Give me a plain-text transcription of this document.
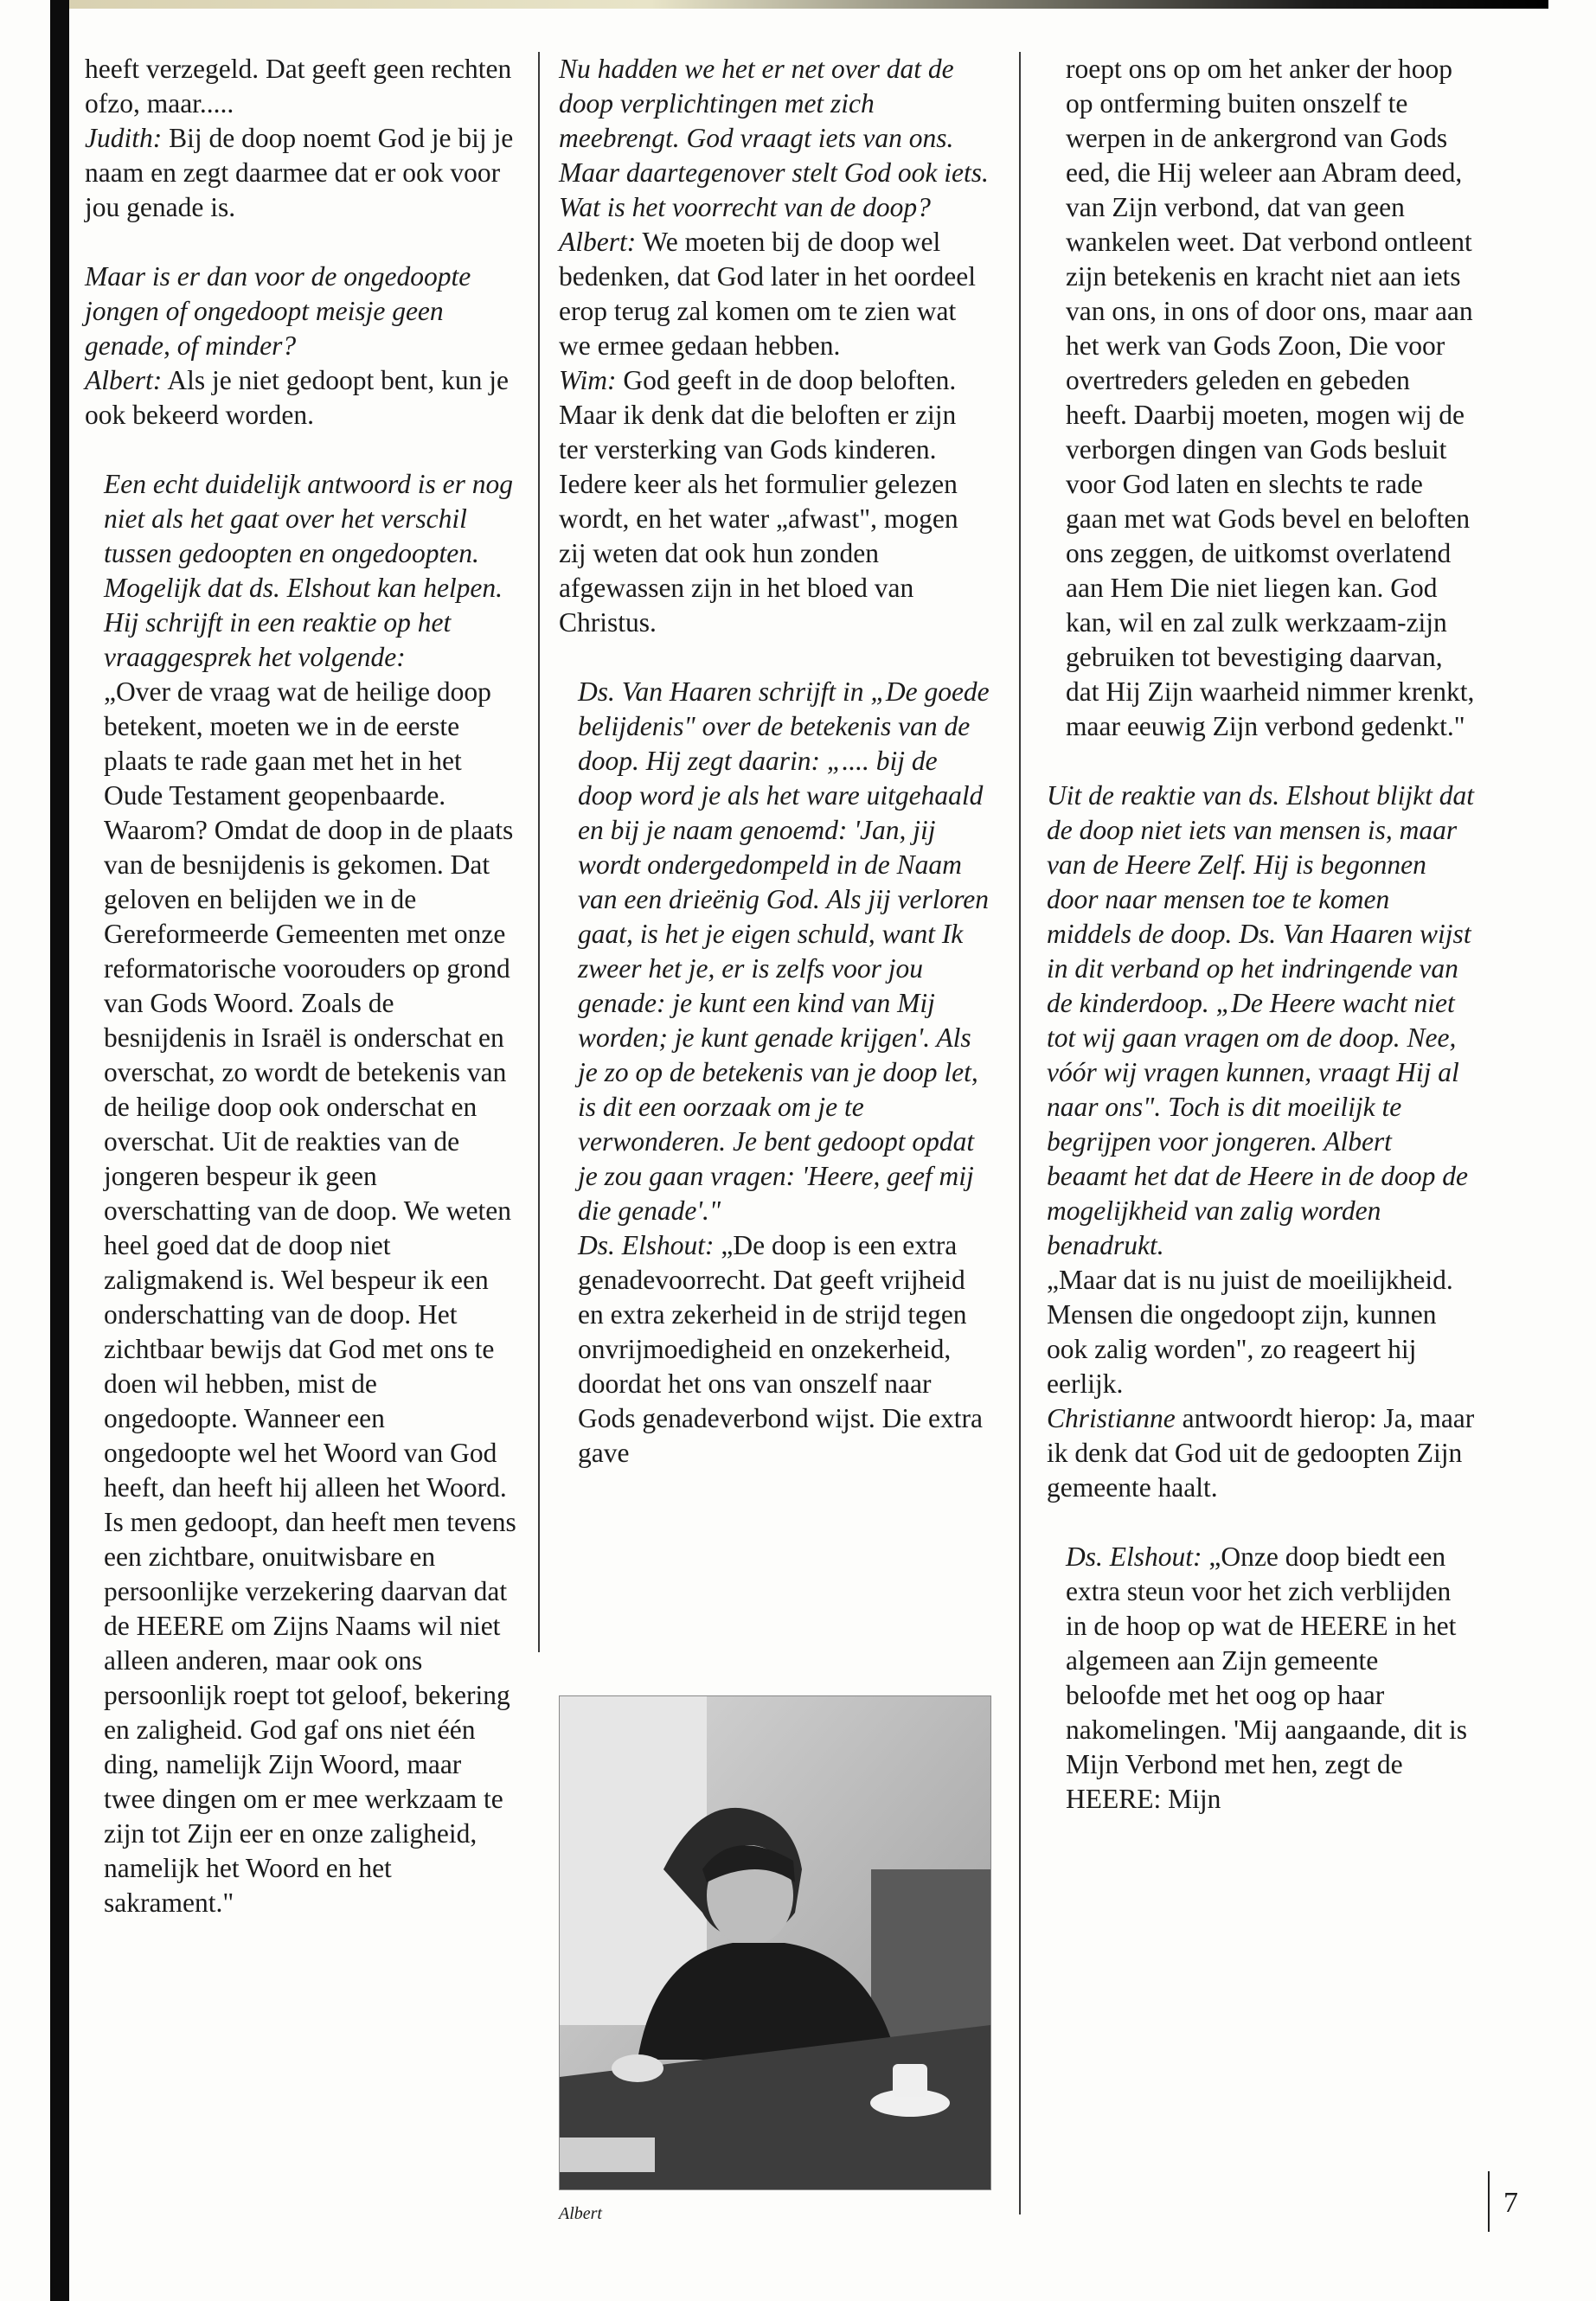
heeft verzegeld. Dat geeft geen rechten ofzo, maar.....

Judith: Bij de doop noemt God je bij je naam en zegt daarmee dat er ook voor jou genade is.

Maar is er dan voor de ongedoopte jongen of ongedoopt meisje geen genade, of minder?

Albert: Als je niet gedoopt bent, kun je ook bekeerd worden.

Een echt duidelijk antwoord is er nog niet als het gaat over het verschil tussen gedoopten en ongedoopten. Mogelijk dat ds. Elshout kan helpen. Hij schrijft in een reaktie op het vraaggesprek het volgende:

„Over de vraag wat de heilige doop betekent, moeten we in de eerste plaats te rade gaan met het in het Oude Testament geopenbaarde. Waarom? Omdat de doop in de plaats van de besnijdenis is gekomen. Dat geloven en belijden we in de Gereformeerde Gemeenten met onze reformatorische voorouders op grond van Gods Woord. Zoals de besnijdenis in Israël is onderschat en overschat, zo wordt de betekenis van de heilige doop ook onderschat en overschat. Uit de reakties van de jongeren bespeur ik geen overschatting van de doop. We weten heel goed dat de doop niet zaligmakend is. Wel bespeur ik een onderschatting van de doop. Het zichtbaar bewijs dat God met ons te doen wil hebben, mist de ongedoopte. Wanneer een ongedoopte wel het Woord van God heeft, dan heeft hij alleen het Woord. Is men gedoopt, dan heeft men tevens een zichtbare, onuitwisbare en persoonlijke verzekering daarvan dat de HEERE om Zijns Naams wil niet alleen anderen, maar ook ons persoonlijk roept tot geloof, bekering en zaligheid. God gaf ons niet één ding, namelijk Zijn Woord, maar twee dingen om er mee werkzaam te zijn tot Zijn eer en onze zaligheid, namelijk het Woord en het sakrament."

Nu hadden we het er net over dat de doop verplichtingen met zich meebrengt. God vraagt iets van ons. Maar daartegenover stelt God ook iets. Wat is het voorrecht van de doop?

Albert: We moeten bij de doop wel bedenken, dat God later in het oordeel erop terug zal komen om te zien wat we ermee gedaan hebben.

Wim: God geeft in de doop beloften. Maar ik denk dat die beloften er zijn ter versterking van Gods kinderen. Iedere keer als het formulier gelezen wordt, en het water „afwast", mogen zij weten dat ook hun zonden afgewassen zijn in het bloed van Christus.

Ds. Van Haaren schrijft in „De goede belijdenis" over de betekenis van de doop. Hij zegt daarin: „.... bij de doop word je als het ware uitgehaald en bij je naam genoemd: 'Jan, jij wordt ondergedompeld in de Naam van een drieënig God. Als jij verloren gaat, is het je eigen schuld, want Ik zweer het je, er is zelfs voor jou genade: je kunt een kind van Mij worden; je kunt genade krijgen'. Als je zo op de betekenis van je doop let, is dit een oorzaak om je te verwonderen. Je bent gedoopt opdat je zou gaan vragen: 'Heere, geef mij die genade'."

Ds. Elshout: „De doop is een extra genadevoorrecht. Dat geeft vrijheid en extra zekerheid in de strijd tegen onvrijmoedigheid en onzekerheid, doordat het ons van onszelf naar Gods genadeverbond wijst. Die extra gave

roept ons op om het anker der hoop op ontferming buiten onszelf te werpen in de ankergrond van Gods eed, die Hij weleer aan Abram deed, van Zijn verbond, dat van geen wankelen weet. Dat verbond ontleent zijn betekenis en kracht niet aan iets van ons, in ons of door ons, maar aan het werk van Gods Zoon, Die voor overtreders geleden en gebeden heeft. Daarbij moeten, mogen wij de verborgen dingen van Gods besluit voor God laten en slechts te rade gaan met wat Gods bevel en beloften ons zeggen, de uitkomst overlatend aan Hem Die niet liegen kan. God kan, wil en zal zulk werkzaam-zijn gebruiken tot bevestiging daarvan, dat Hij Zijn waarheid nimmer krenkt, maar eeuwig Zijn verbond gedenkt."

Uit de reaktie van ds. Elshout blijkt dat de doop niet iets van mensen is, maar van de Heere Zelf. Hij is begonnen door naar mensen toe te komen middels de doop. Ds. Van Haaren wijst in dit verband op het indringende van de kinderdoop. „De Heere wacht niet tot wij gaan vragen om de doop. Nee, vóór wij vragen kunnen, vraagt Hij al naar ons". Toch is dit moeilijk te begrijpen voor jongeren. Albert beaamt het dat de Heere in de doop de mogelijkheid van zalig worden benadrukt.

„Maar dat is nu juist de moeilijkheid. Mensen die ongedoopt zijn, kunnen ook zalig worden", zo reageert hij eerlijk.

Christianne antwoordt hierop: Ja, maar ik denk dat God uit de gedoopten Zijn gemeente haalt.

Ds. Elshout: „Onze doop biedt een extra steun voor het zich verblijden in de hoop op wat de HEERE in het algemeen aan Zijn gemeente beloofde met het oog op haar nakomelingen. 'Mij aangaande, dit is Mijn Verbond met hen, zegt de HEERE: Mijn

Albert	7
